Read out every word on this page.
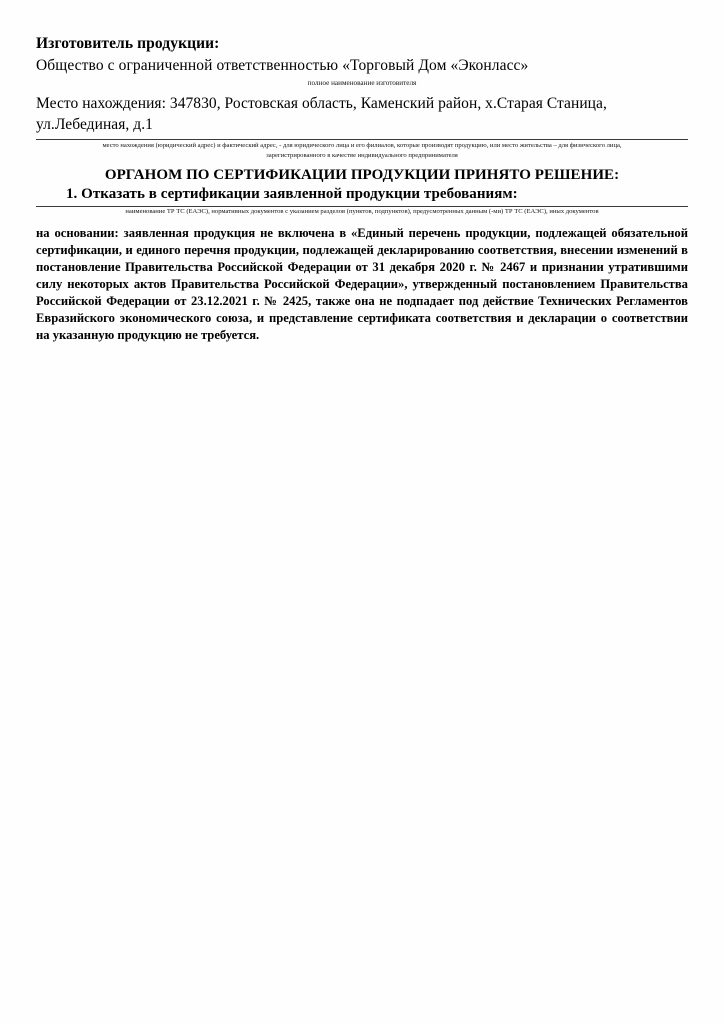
Изготовитель продукции:
Общество с ограниченной ответственностью «Торговый Дом «Эконласс»
полное наименование изготовителя
Место нахождения: 347830, Ростовская область, Каменский район, х.Старая Станица, ул.Лебединая, д.1
место нахождения (юридический адрес) и фактический адрес, - для юридического лица и его филиалов, которые производят продукцию, или место жительства – для физического лица,
зарегистрированного в качестве индивидуального предпринимателя
ОРГАНОМ ПО СЕРТИФИКАЦИИ ПРОДУКЦИИ ПРИНЯТО РЕШЕНИЕ:
1. Отказать в сертификации заявленной продукции требованиям:
наименование ТР ТС (ЕАЭС), нормативных документов с указанием разделов (пунктов, подпунктов), предусмотренных данным (-ми) ТР ТС (ЕАЭС), иных документов
на основании: заявленная продукция не включена в «Единый перечень продукции, подлежащей обязательной сертификации, и единого перечня продукции, подлежащей декларированию соответствия, внесении изменений в постановление Правительства Российской Федерации от 31 декабря 2020 г. № 2467 и признании утратившими силу некоторых актов Правительства Российской Федерации», утвержденный постановлением Правительства Российской Федерации от 23.12.2021 г. № 2425, также она не подпадает под действие Технических Регламентов Евразийского экономического союза, и представление сертификата соответствия и декларации о соответствии на указанную продукцию не требуется.
